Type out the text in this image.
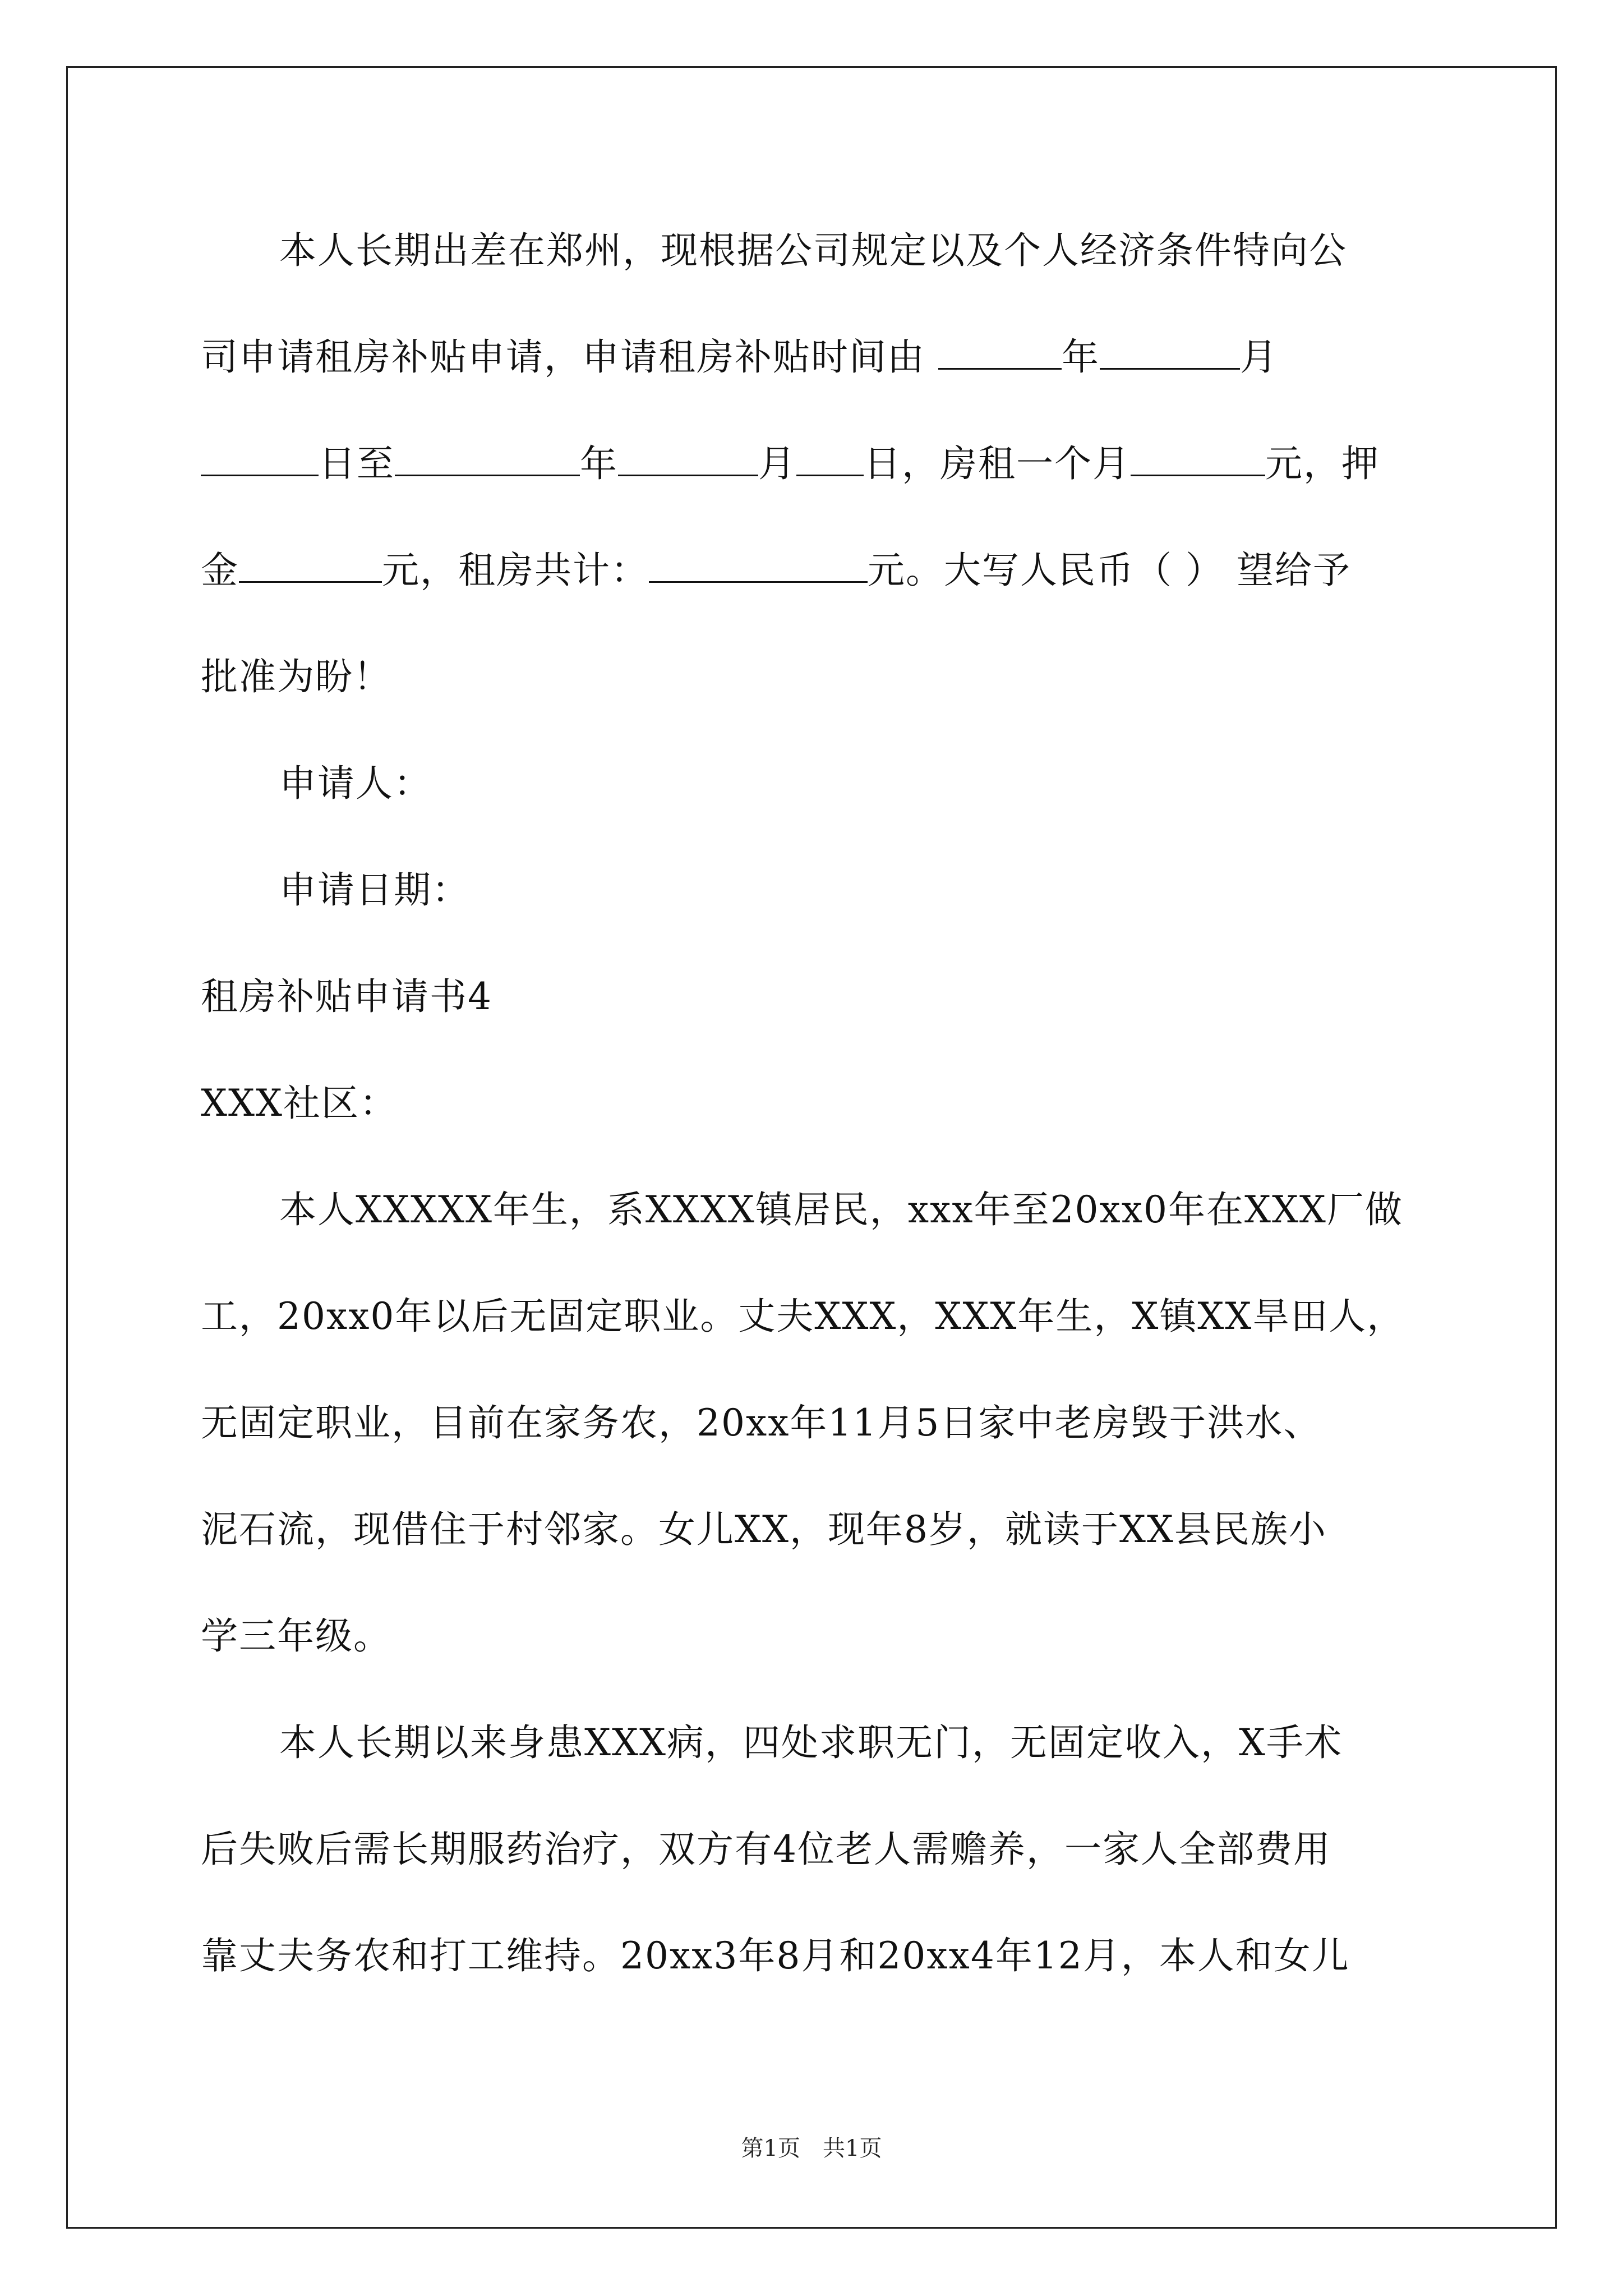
本人长期出差在郑州，现根据公司规定以及个人经济条件特向公
司申请租房补贴申请，申请租房补贴时间由	年	月
日至	年	月 日，房租一个月	元，押
金	元，租房共计：	元。大写人民币（ ） 望给予
批准为盼！
申请人：
申请日期：
租房补贴申请书4
XXX社区：
本人XXXXX年生，系XXXX镇居民，xxx年至20xx0年在XXX厂做
工，20xx0年以后无固定职业。丈夫XXX，XXX年生，X镇XX旱田人，
无固定职业，目前在家务农，20xx年11月5日家中老房毁于洪水、
泥石流，现借住于村邻家。女儿XX，现年8岁，就读于XX县民族小
学三年级。
本人长期以来身患XXX病，四处求职无门，无固定收入，X手术
后失败后需长期服药治疗，双方有4位老人需赡养，一家人全部费用
靠丈夫务农和打工维持。20xx3年8月和20xx4年12月，本人和女儿
第1页　共1页
